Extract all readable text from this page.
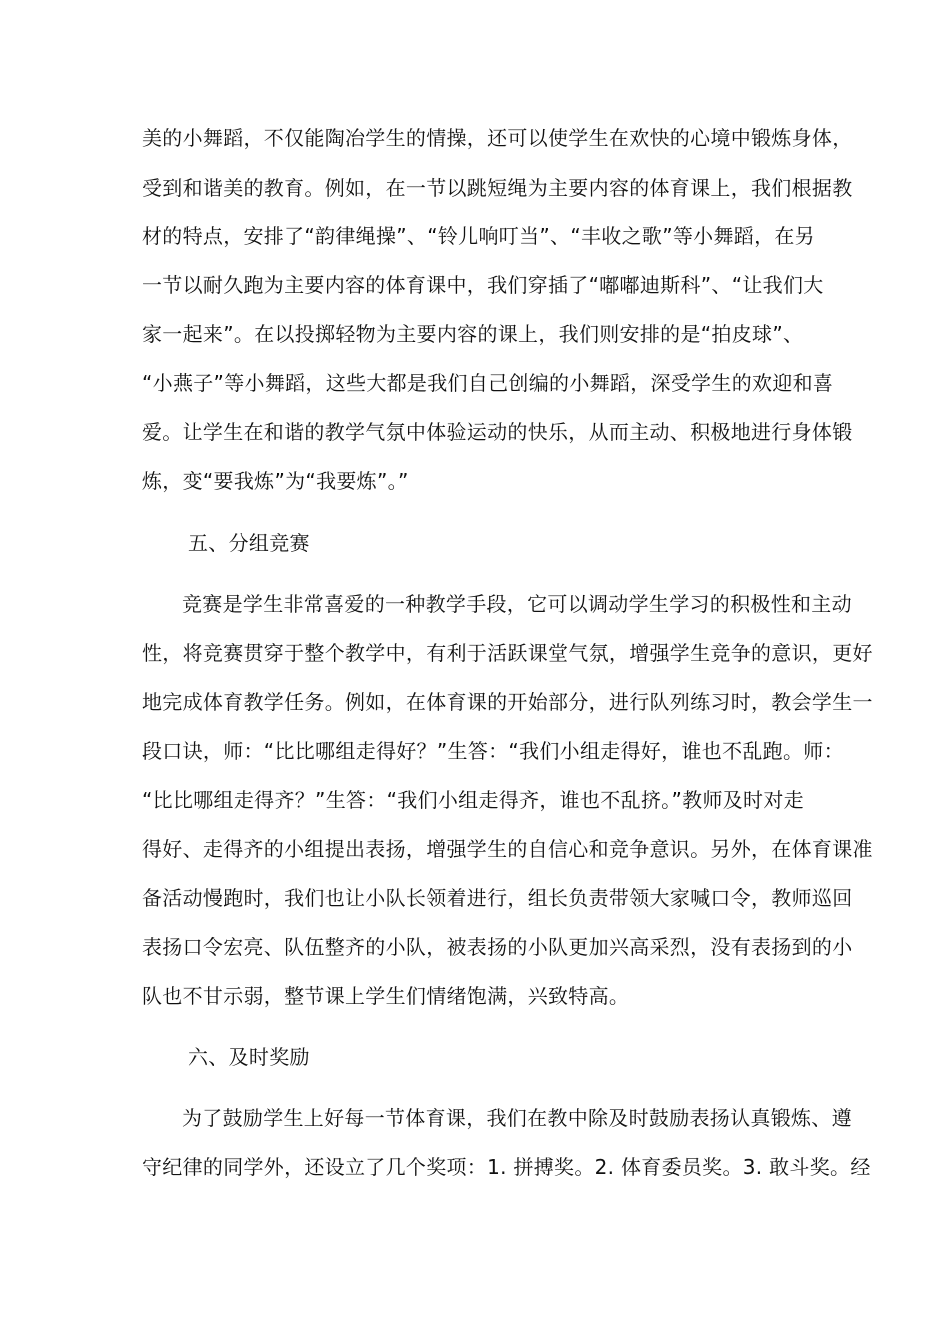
美的小舞蹈，不仅能陶冶学生的情操，还可以使学生在欢快的心境中锻炼身体，
受到和谐美的教育。例如，在一节以跳短绳为主要内容的体育课上，我们根据教
材的特点，安排了“韵律绳操”、“铃儿响叮当”、“丰收之歌”等小舞蹈，在另
一节以耐久跑为主要内容的体育课中，我们穿插了“嘟嘟迪斯科”、“让我们大
家一起来”。在以投掷轻物为主要内容的课上，我们则安排的是“拍皮球”、
“小燕子”等小舞蹈，这些大都是我们自己创编的小舞蹈，深受学生的欢迎和喜
爱。让学生在和谐的教学气氛中体验运动的快乐，从而主动、积极地进行身体锻
炼，变“要我炼”为“我要炼”。”
五、分组竞赛
竞赛是学生非常喜爱的一种教学手段，它可以调动学生学习的积极性和主动
性，将竞赛贯穿于整个教学中，有利于活跃课堂气氛，增强学生竞争的意识，更好
地完成体育教学任务。例如，在体育课的开始部分，进行队列练习时，教会学生一
段口诀，师：“比比哪组走得好？”生答：“我们小组走得好，谁也不乱跑。师：
“比比哪组走得齐？”生答：“我们小组走得齐，谁也不乱挤。”教师及时对走
得好、走得齐的小组提出表扬，增强学生的自信心和竞争意识。另外，在体育课准
备活动慢跑时，我们也让小队长领着进行，组长负责带领大家喊口令，教师巡回
表扬口令宏亮、队伍整齐的小队，被表扬的小队更加兴高采烈，没有表扬到的小
队也不甘示弱，整节课上学生们情绪饱满，兴致特高。
六、及时奖励
为了鼓励学生上好每一节体育课，我们在教中除及时鼓励表扬认真锻炼、遵
守纪律的同学外，还设立了几个奖项：1. 拼搏奖。2. 体育委员奖。3. 敢斗奖。经
